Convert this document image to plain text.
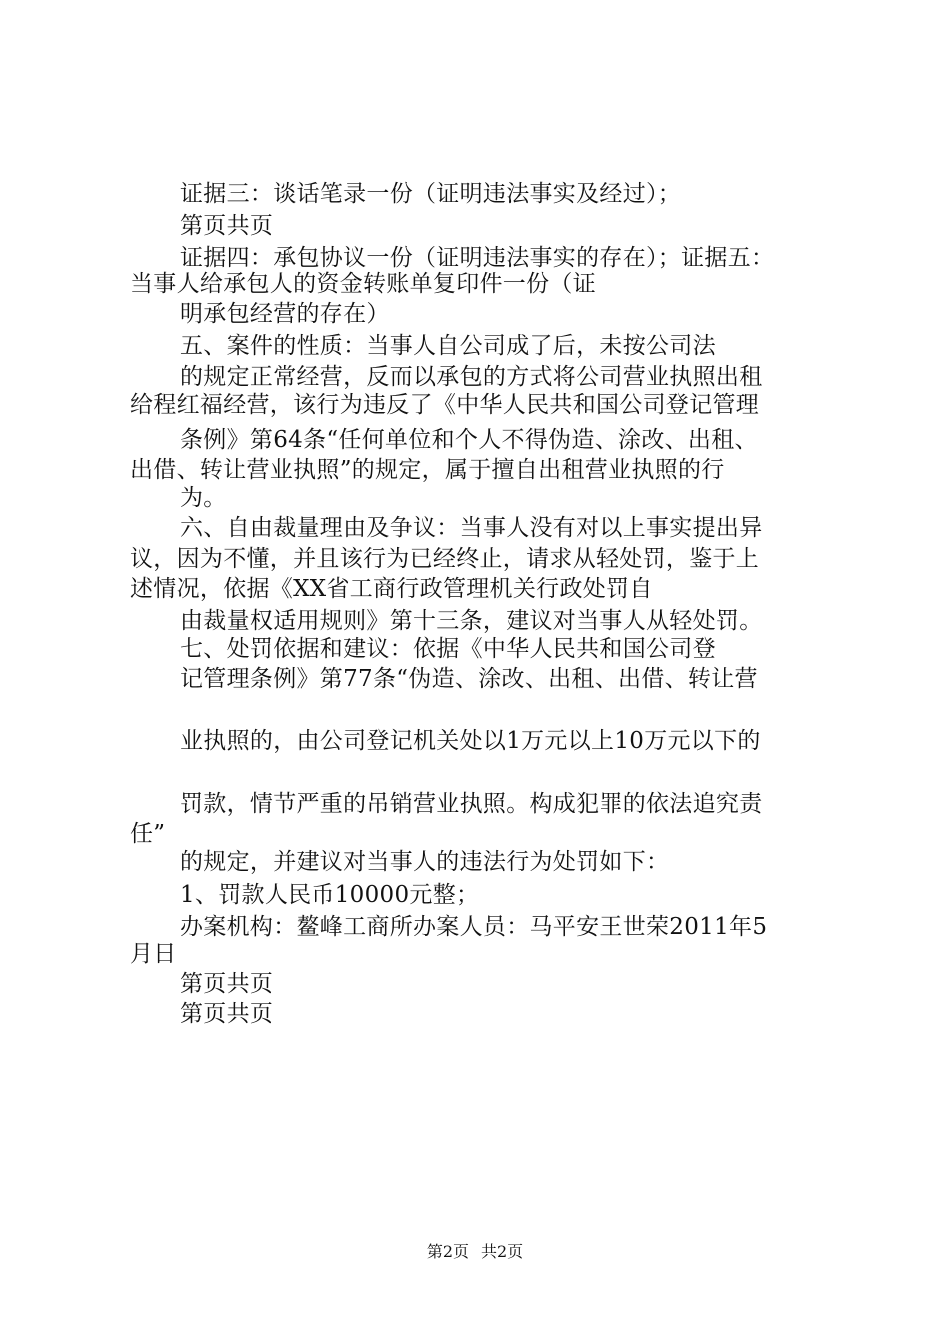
证据三：谈话笔录一份（证明违法事实及经过）；
第页共页
证据四：承包协议一份（证明违法事实的存在）；证据五：
当事人给承包人的资金转账单复印件一份（证
明承包经营的存在）
五、案件的性质：当事人自公司成了后，未按公司法
的规定正常经营，反而以承包的方式将公司营业执照出租
给程红福经营，该行为违反了《中华人民共和国公司登记管理
条例》第64条“任何单位和个人不得伪造、涂改、出租、
出借、转让营业执照”的规定，属于擅自出租营业执照的行
为。
六、自由裁量理由及争议：当事人没有对以上事实提出异
议，因为不懂，并且该行为已经终止，请求从轻处罚，鉴于上
述情况，依据《XX省工商行政管理机关行政处罚自
由裁量权适用规则》第十三条，建议对当事人从轻处罚。
七、处罚依据和建议：依据《中华人民共和国公司登
记管理条例》第77条“伪造、涂改、出租、出借、转让营
业执照的，由公司登记机关处以1万元以上10万元以下的
罚款，情节严重的吊销营业执照。构成犯罪的依法追究责
任”
的规定，并建议对当事人的违法行为处罚如下：
1、罚款人民币10000元整；
办案机构：鳌峰工商所办案人员：马平安王世荣2011年5
月日
第页共页
第页共页
第2页 共2页
